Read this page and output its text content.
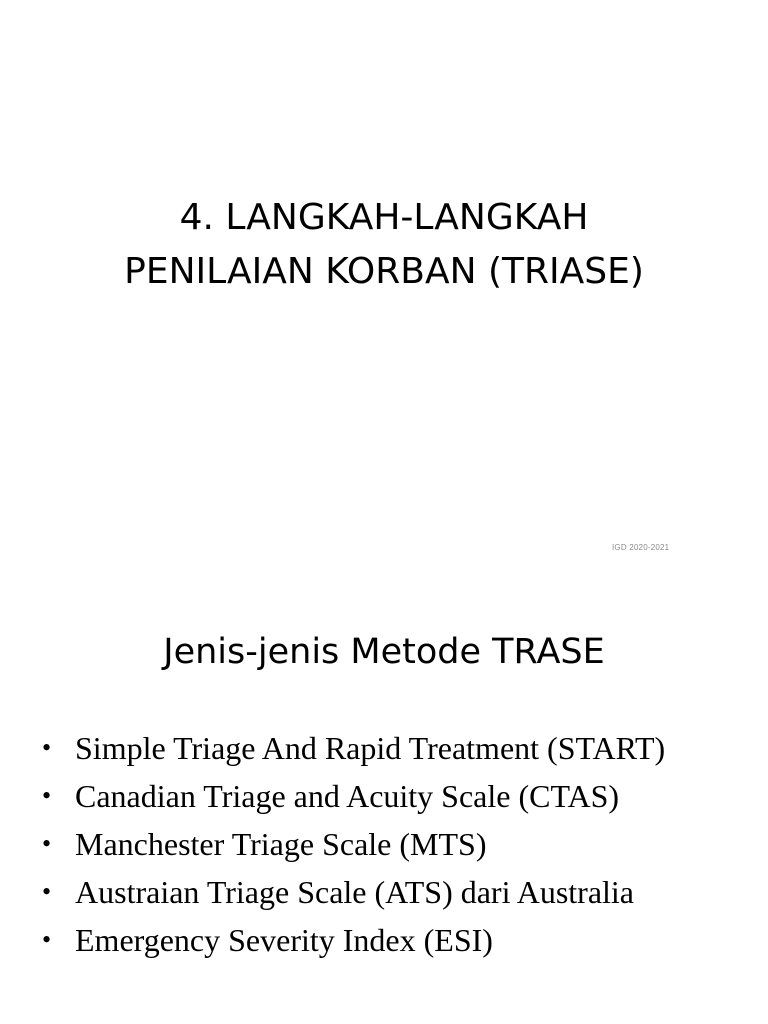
4. LANGKAH-LANGKAH
PENILAIAN KORBAN (TRIASE)
IGD 2020-2021
Jenis-jenis Metode TRASE
• Simple Triage And Rapid Treatment (START)
• Canadian Triage and Acuity Scale (CTAS)
• Manchester Triage Scale (MTS)
• Austraian Triage Scale (ATS) dari Australia
• Emergency Severity Index (ESI)
